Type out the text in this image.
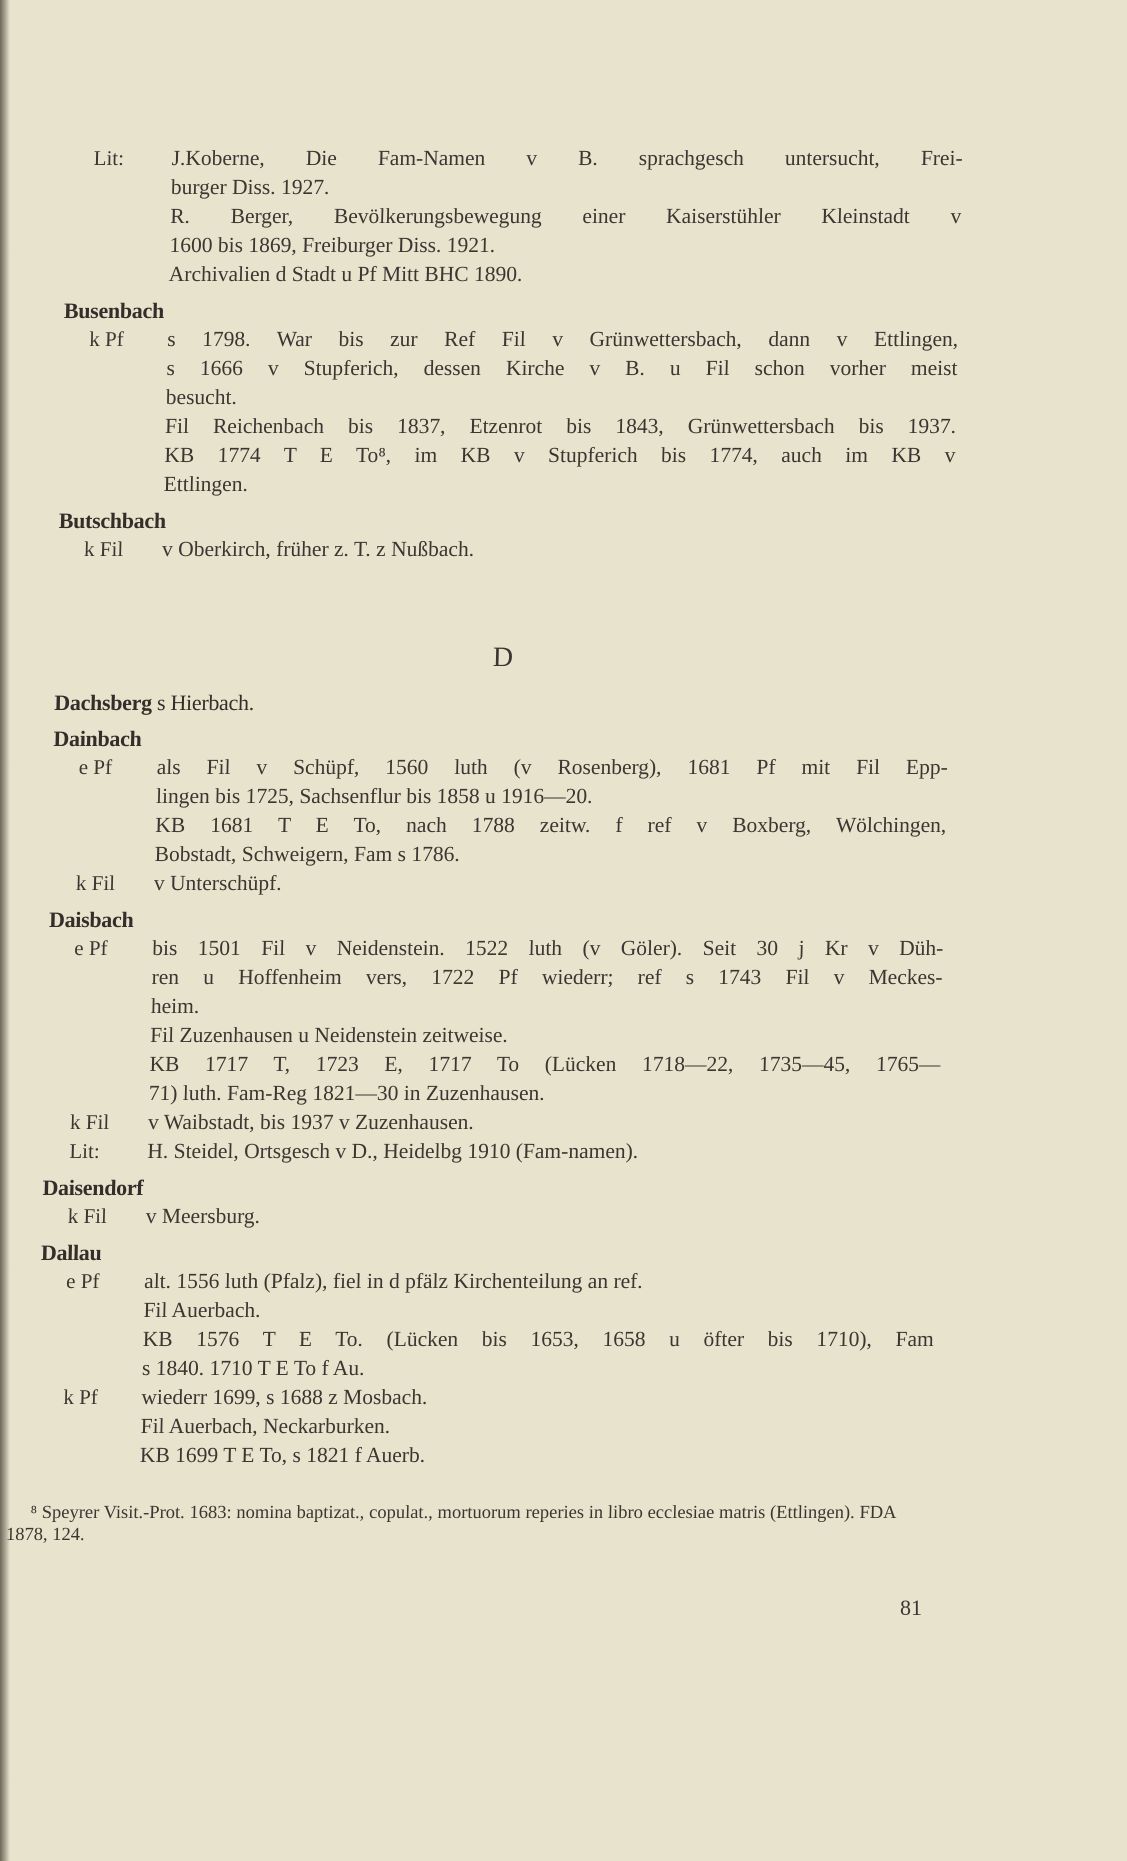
Lit:	J.Koberne, Die Fam-Namen v B. sprachgesch untersucht, Frei-
burger Diss. 1927.
R. Berger, Bevölkerungsbewegung einer Kaiserstühler Kleinstadt v
1600 bis 1869, Freiburger Diss. 1921.
Archivalien d Stadt u Pf Mitt BHC 1890.
Busenbach
k Pf	s 1798. War bis zur Ref Fil v Grünwettersbach, dann v Ettlingen,
s 1666 v Stupferich, dessen Kirche v B. u Fil schon vorher meist
besucht.
Fil Reichenbach bis 1837, Etzenrot bis 1843, Grünwettersbach bis 1937.
KB 1774 T E To⁸, im KB v Stupferich bis 1774, auch im KB v
Ettlingen.
Butschbach
k Fil	v Oberkirch, früher z. T. z Nußbach.
D
Dachsberg s Hierbach.
Dainbach
e Pf	als Fil v Schüpf, 1560 luth (v Rosenberg), 1681 Pf mit Fil Epp-
lingen bis 1725, Sachsenflur bis 1858 u 1916—20.
KB 1681 T E To, nach 1788 zeitw. f ref v Boxberg, Wölchingen,
Bobstadt, Schweigern, Fam s 1786.
k Fil	v Unterschüpf.
Daisbach
e Pf	bis 1501 Fil v Neidenstein. 1522 luth (v Göler). Seit 30 j Kr v Düh-
ren u Hoffenheim vers, 1722 Pf wiederr; ref s 1743 Fil v Meckes-
heim.
Fil Zuzenhausen u Neidenstein zeitweise.
KB 1717 T, 1723 E, 1717 To (Lücken 1718—22, 1735—45, 1765—
71) luth. Fam-Reg 1821—30 in Zuzenhausen.
k Fil	v Waibstadt, bis 1937 v Zuzenhausen.
Lit:	H. Steidel, Ortsgesch v D., Heidelbg 1910 (Fam-namen).
Daisendorf
k Fil	v Meersburg.
Dallau
e Pf	alt. 1556 luth (Pfalz), fiel in d pfälz Kirchenteilung an ref.
Fil Auerbach.
KB 1576 T E To. (Lücken bis 1653, 1658 u öfter bis 1710), Fam
s 1840. 1710 T E To f Au.
k Pf	wiederr 1699, s 1688 z Mosbach.
Fil Auerbach, Neckarburken.
KB 1699 T E To, s 1821 f Auerb.
⁸ Speyrer Visit.-Prot. 1683: nomina baptizat., copulat., mortuorum reperies in libro ecclesiae matris (Ettlingen). FDA 1878, 124.
81
